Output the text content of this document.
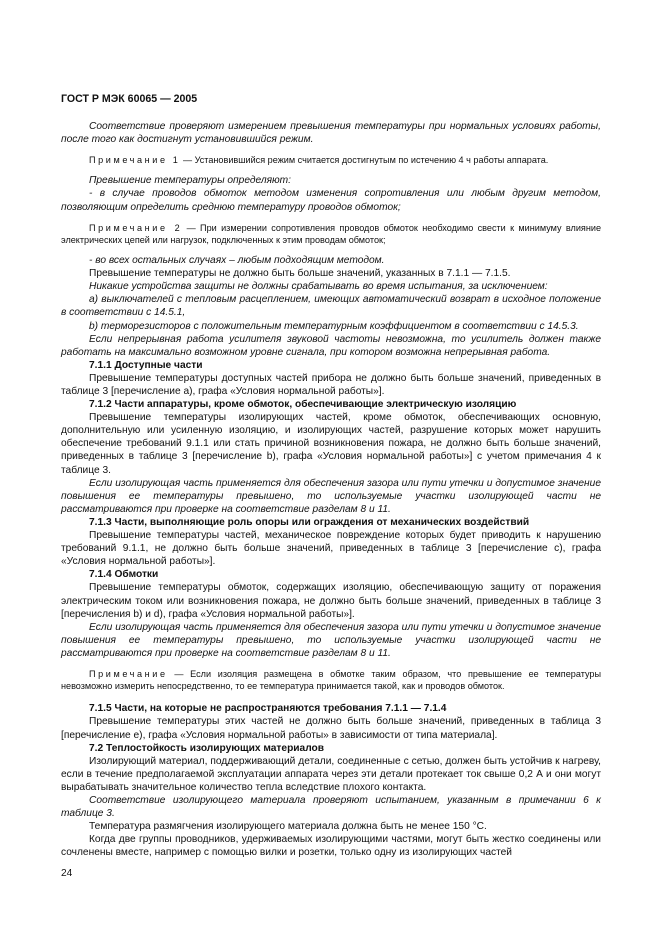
ГОСТ Р МЭК 60065 — 2005

Соответствие проверяют измерением превышения температуры при нормальных условиях работы, после того как достигнут установившийся режим.

Примечание 1 — Установившийся режим считается достигнутым по истечению 4 ч работы аппарата.

Превышение температуры определяют:

- в случае проводов обмоток методом изменения сопротивления или любым другим методом, позволяющим определить среднюю температуру проводов обмоток;

Примечание 2 — При измерении сопротивления проводов обмоток необходимо свести к минимуму влияние электрических цепей или нагрузок, подключенных к этим проводам обмоток;

- во всех остальных случаях – любым подходящим методом.

Превышение температуры не должно быть больше значений, указанных в 7.1.1 — 7.1.5.

Никакие устройства защиты не должны срабатывать во время испытания, за исключением:

а) выключателей с тепловым расцеплением, имеющих автоматический возврат в исходное положение в соответствии с 14.5.1,

b) терморезисторов с положительным температурным коэффициентом в соответствии с 14.5.3.

Если непрерывная работа усилителя звуковой частоты невозможна, то усилитель должен также работать на максимально возможном уровне сигнала, при котором возможна непрерывная работа.

7.1.1 Доступные части

Превышение температуры доступных частей прибора не должно быть больше значений, приведенных в таблице 3 [перечисление а), графа «Условия нормальной работы»].

7.1.2 Части аппаратуры, кроме обмоток, обеспечивающие электрическую изоляцию

Превышение температуры изолирующих частей, кроме обмоток, обеспечивающих основную, дополнительную или усиленную изоляцию, и изолирующих частей, разрушение которых может нарушить обеспечение требований 9.1.1 или стать причиной возникновения пожара, не должно быть больше значений, приведенных в таблице 3 [перечисление b), графа «Условия нормальной работы»] с учетом примечания 4 к таблице 3.

Если изолирующая часть применяется для обеспечения зазора или пути утечки и допустимое значение повышения ее температуры превышено, то используемые участки изолирующей части не рассматриваются при проверке на соответствие разделам 8 и 11.

7.1.3 Части, выполняющие роль опоры или ограждения от механических воздействий

Превышение температуры частей, механическое повреждение которых будет приводить к нарушению требований 9.1.1, не должно быть больше значений, приведенных в таблице 3 [перечисление с), графа «Условия нормальной работы»].

7.1.4 Обмотки

Превышение температуры обмоток, содержащих изоляцию, обеспечивающую защиту от поражения электрическим током или возникновения пожара, не должно быть больше значений, приведенных в таблице 3 [перечисления b) и d), графа «Условия нормальной работы»].

Если изолирующая часть применяется для обеспечения зазора или пути утечки и допустимое значение повышения ее температуры превышено, то используемые участки изолирующей части не рассматриваются при проверке на соответствие разделам 8 и 11.

Примечание — Если изоляция размещена в обмотке таким образом, что превышение ее температуры невозможно измерить непосредственно, то ее температура принимается такой, как и проводов обмоток.

7.1.5 Части, на которые не распространяются требования 7.1.1 — 7.1.4

Превышение температуры этих частей не должно быть больше значений, приведенных в таблица 3 [перечисление е), графа «Условия нормальной работы» в зависимости от типа материала].

7.2 Теплостойкость изолирующих материалов

Изолирующий материал, поддерживающий детали, соединенные с сетью, должен быть устойчив к нагреву, если в течение предполагаемой эксплуатации аппарата через эти детали протекает ток свыше 0,2 А и они могут вырабатывать значительное количество тепла вследствие плохого контакта.

Соответствие изолирующего материала проверяют испытанием, указанным в примечании 6 к таблице 3.

Температура размягчения изолирующего материала должна быть не менее 150 °С.

Когда две группы проводников, удерживаемых изолирующими частями, могут быть жестко соединены или сочленены вместе, например с помощью вилки и розетки, только одну из изолирующих частей

24
